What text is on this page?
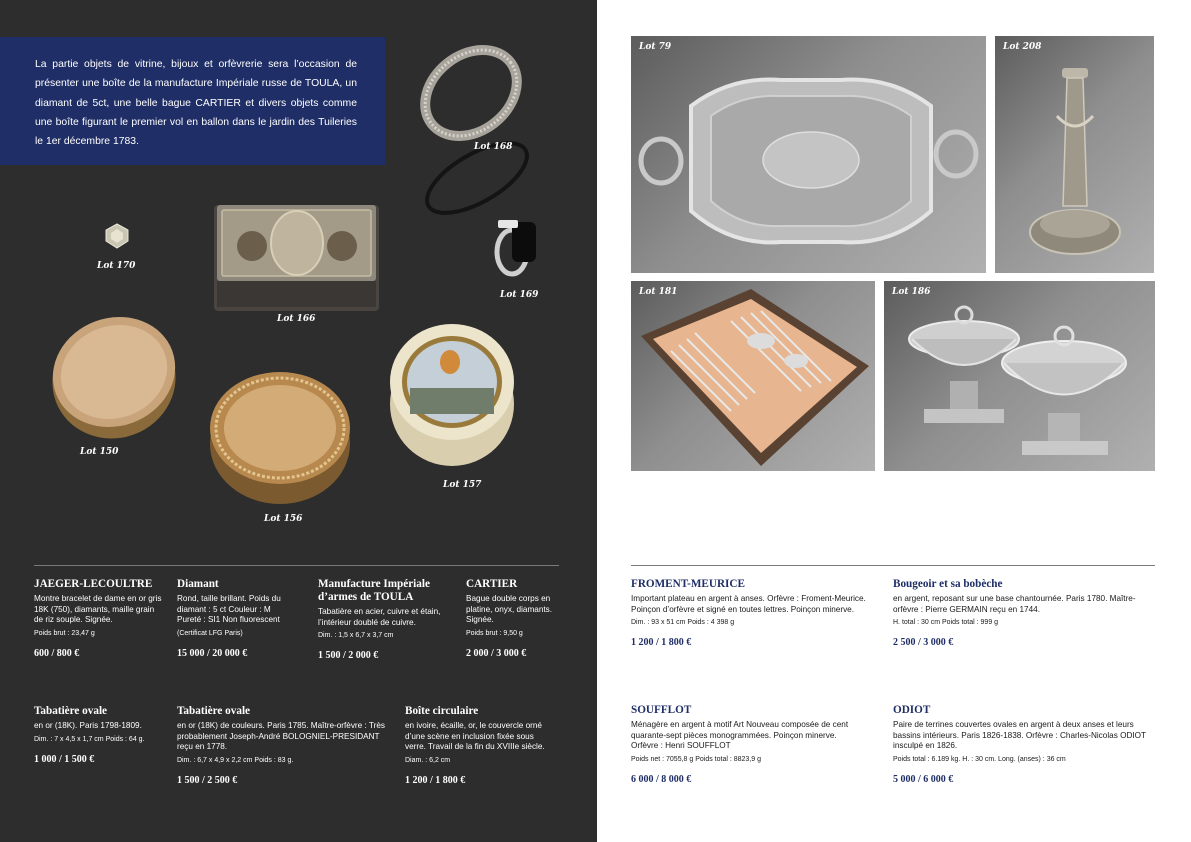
La partie objets de vitrine, bijoux et orfèvrerie sera l’occasion de présenter une boîte de la manufacture Impériale russe de TOULA, un diamant de 5ct, une belle bague CARTIER et divers objets comme une boîte figurant le premier vol en ballon dans le jardin des Tuileries le 1er décembre 1783.	Lot 168
Lot 170
Lot 166
Lot 169
Lot 150
Lot 156
Lot 157
JAEGER-LECOULTRE
Montre bracelet de dame en or gris 18K (750), diamants, maille grain de riz souple. Signée.
Poids brut : 23,47 g
600 / 800 €
Diamant
Rond, taille brillant. Poids du diamant : 5 ct Couleur : M Pureté : SI1 Non fluorescent
(Certificat LFG Paris)
15 000 / 20 000 €
Manufacture Impériale d’armes de TOULA
Tabatière en acier, cuivre et étain, l’intérieur doublé de cuivre.
Dim. : 1,5 x 6,7 x 3,7 cm
1 500 / 2 000 €
CARTIER
Bague double corps en platine, onyx, diamants. Signée.
Poids brut : 9,50 g
2 000 / 3 000 €
Tabatière ovale
en or (18K). Paris 1798-1809.
Dim. : 7 x 4,5 x 1,7 cm Poids : 64 g.
1 000 / 1 500 €
Tabatière ovale
en or (18K) de couleurs. Paris 1785. Maître-orfèvre : Très probablement Joseph-André BOLOGNIEL-PRESIDANT reçu en 1778.
Dim. : 6,7 x 4,9 x 2,2 cm Poids : 83 g.
1 500 / 2 500 €
Boîte circulaire
en ivoire, écaille, or, le couvercle orné d’une scène en inclusion fixée sous verre. Travail de la fin du XVIIIe siècle.
Diam. : 6,2 cm
1 200 / 1 800 €
Lot 79	Lot 208
Lot 181	Lot 186
FROMENT-MEURICE
Important plateau en argent à anses. Orfèvre : Froment-Meurice. Poinçon d’orfèvre et signé en toutes lettres. Poinçon minerve.
Dim. : 93 x 51 cm Poids : 4 398 g
1 200 / 1 800 €
Bougeoir et sa bobèche
en argent, reposant sur une base chantournée. Paris 1780. Maître-orfèvre : Pierre GERMAIN reçu en 1744.
H. total : 30 cm Poids total : 999 g
2 500 / 3 000 €
SOUFFLOT
Ménagère en argent à motif Art Nouveau composée de cent quarante-sept pièces monogrammées. Poinçon minerve. Orfèvre : Henri SOUFFLOT
Poids net : 7055,8 g Poids total : 8823,9 g
6 000 / 8 000 €
ODIOT
Paire de terrines couvertes ovales en argent à deux anses et leurs bassins intérieurs. Paris 1826-1838. Orfèvre : Charles-Nicolas ODIOT insculpé en 1826.
Poids total : 6.189 kg. H. : 30 cm. Long. (anses) : 36 cm
5 000 / 6 000 €
